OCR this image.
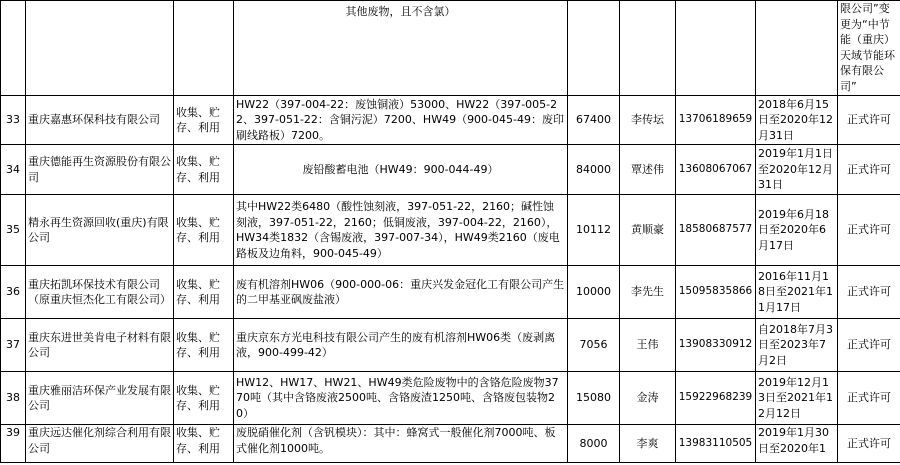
			其他废物，且不含氯）					限公司”变更为“中节能（重庆）天域节能环保有限公司”
33	重庆嘉惠环保科技有限公司	收集、贮存、利用	HW22（397-004-22：废蚀铜液）53000、HW22（397-005-22、397-051-22：含铜污泥）7200、HW49（900-045-49：废印刷线路板）7200。	67400	李传坛	13706189659	2018年6月15日至2020年12月31日	正式许可
34	重庆德能再生资源股份有限公司	收集、贮存、利用	废铅酸蓄电池（HW49：900-044-49）	84000	覃述伟	13608067067	2019年1月1日至2020年12月31日	正式许可
35	精永再生资源回收(重庆)有限公司	收集、贮存、利用	其中HW22类6480（酸性蚀刻液，397-051-22，2160；碱性蚀刻液，397-051-22，2160；低铜废液，397-004-22，2160），HW34类1832（含锡废液，397-007-34），HW49类2160（废电路板及边角料，900-045-49）	10112	黄顺豪	18580687577	2019年6月18日至2020年6月17日	正式许可
36	重庆拓凯环保技术有限公司（原重庆恒杰化工有限公司）	收集、贮存、利用	废有机溶剂HW06（900-000-06：重庆兴发金冠化工有限公司产生的二甲基亚砜废盐液）	10000	李先生	15095835866	2016年11月18日至2021年11月17日	正式许可
37	重庆东进世美肯电子材料有限公司	收集、贮存、利用	重庆京东方光电科技有限公司产生的废有机溶剂HW06类（废剥离液，900-499-42）	7056	王伟	13908330912	自2018年7月3日至2023年7月2日	正式许可
38	重庆雅丽洁环保产业发展有限公司	收集、贮存、利用	HW12、HW17、HW21、HW49类危险废物中的含铬危险废物3770吨（其中含铬废液2500吨、含铬废渣1250吨、含铬废包装物20）	15080	金涛	15922968239	2019年12月13日至2021年12月12日	正式许可
39	重庆远达催化剂综合利用有限公司	收集、贮存、利用	废脱硝催化剂（含钒模块）：其中：蜂窝式一般催化剂7000吨、板式催化剂1000吨。	8000	李爽	13983110505	2019年1月30日至2020年1	正式许可
